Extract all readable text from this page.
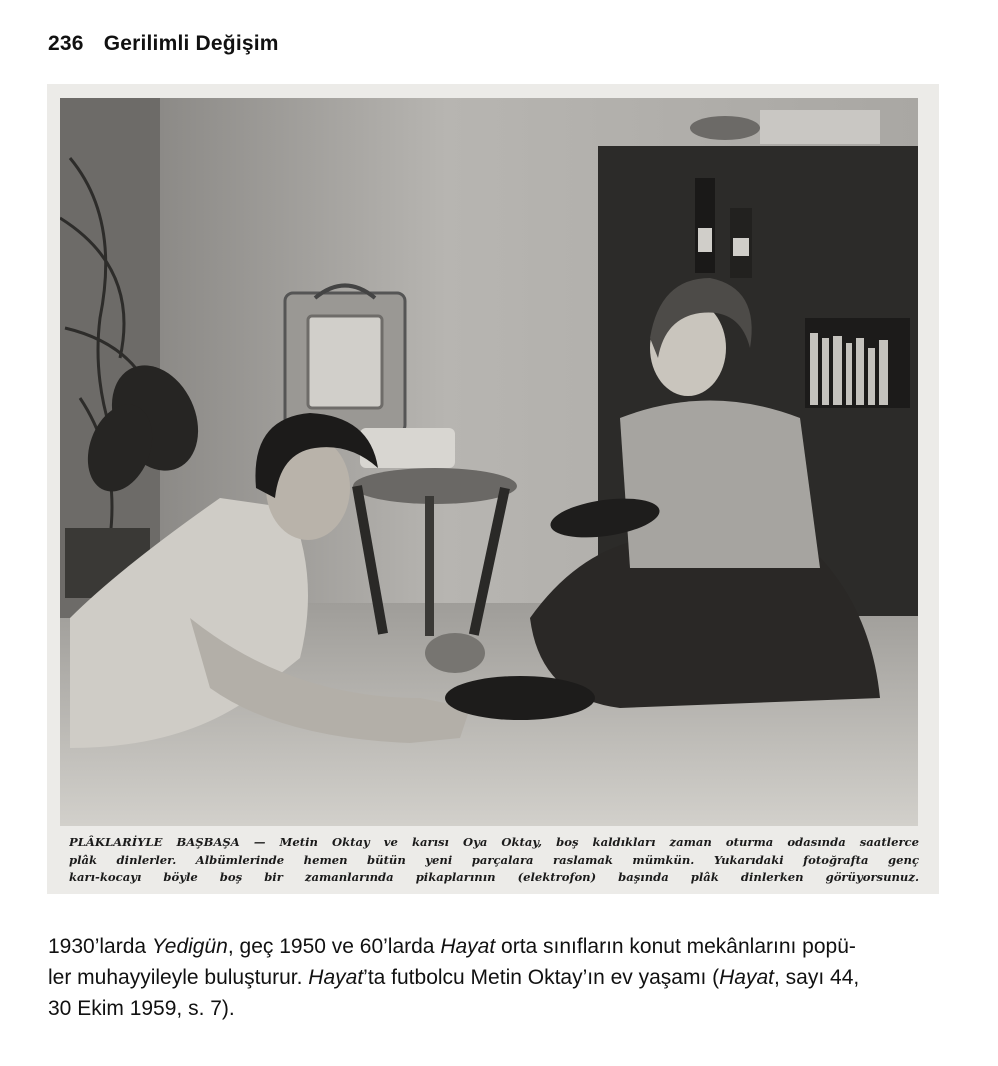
236 Gerilimli Değişim
PLÂKLARİYLE BAŞBAŞA — Metin Oktay ve karısı Oya Oktay, boş kaldıkları zaman oturma odasında saatlerce
plâk dinlerler. Albümlerinde hemen bütün yeni parçalara raslamak mümkün. Yukarıdaki fotoğrafta genç
karı-kocayı böyle boş bir zamanlarında pikaplarının (elektrofon) başında plâk dinlerken görüyorsunuz.
1930’larda Yedigün, geç 1950 ve 60’larda Hayat orta sınıfların konut mekânlarını popü-
ler muhayyileyle buluşturur. Hayat’ta futbolcu Metin Oktay’ın ev yaşamı (Hayat, sayı 44,
30 Ekim 1959, s. 7).
